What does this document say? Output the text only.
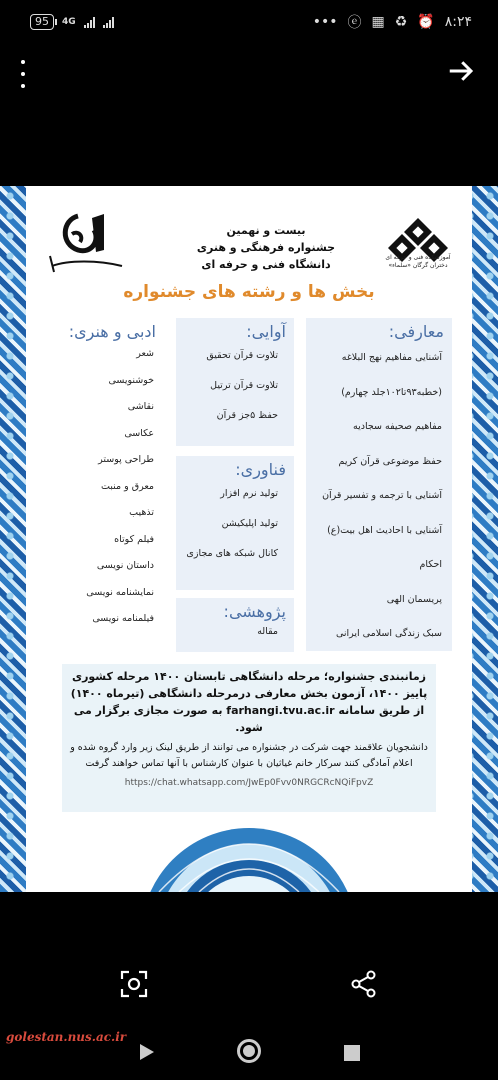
95	4G	••• ⓔ ▦ ♻ ⏰ ۸:۲۴
آموزشکده فنی و حرفه ای دختران گرگان «سلماء»
بیست و نهمین
جشنواره فرهنگی و هنری
دانشگاه فنی و حرفه ای
بخش ها و رشته های جشنواره
معارفی:
آشنایی مفاهیم نهج البلاغه
(خطبه۹۳تا۱۰۲جلد چهارم)
مفاهیم صحیفه سجادیه
حفظ موضوعی قرآن کریم
آشنایی با ترجمه و تفسیر قرآن
آشنایی با احادیث اهل بیت(ع)
احکام
پریسمان الهی
سبک زندگی اسلامی ایرانی
آوایی:
تلاوت قرآن تحقیق
تلاوت قرآن ترتیل
حفظ ۵جز قرآن
فناوری:
تولید نرم افزار
تولید اپلیکیشن
کانال شبکه های مجازی
پژوهشی:
مقاله
ادبی و هنری:
شعر
خوشنویسی
نقاشی
عکاسی
طراحی پوستر
معرق و منبت
تذهیب
فیلم کوتاه
داستان نویسی
نمایشنامه نویسی
فیلمنامه نویسی

زمانبندی جشنواره؛ مرحله دانشگاهی تابستان ۱۴۰۰ مرحله کشوری پاییز ۱۴۰۰، آزمون بخش معارفی درمرحله دانشگاهی (تیرماه ۱۴۰۰) از طریق سامانه farhangi.tvu.ac.ir به صورت مجازی برگزار می شود.

دانشجویان علاقمند جهت شرکت در جشنواره می توانند از طریق لینک زیر وارد گروه شده و اعلام آمادگی کنند سرکار خانم غیاثیان با عنوان کارشناس با آنها تماس خواهند گرفت

https://chat.whatsapp.com/JwEp0Fvv0NRGCRcNQiFpvZ

golestan.nus.ac.ir
